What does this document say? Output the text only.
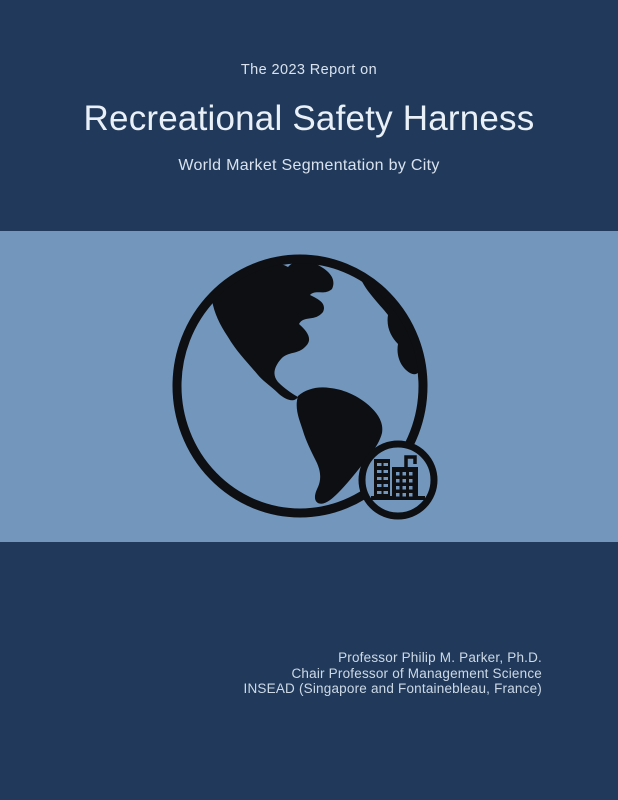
The 2023 Report on
Recreational Safety Harness
World Market Segmentation by City
Professor Philip M. Parker, Ph.D.
Chair Professor of Management Science
INSEAD (Singapore and Fontainebleau, France)
